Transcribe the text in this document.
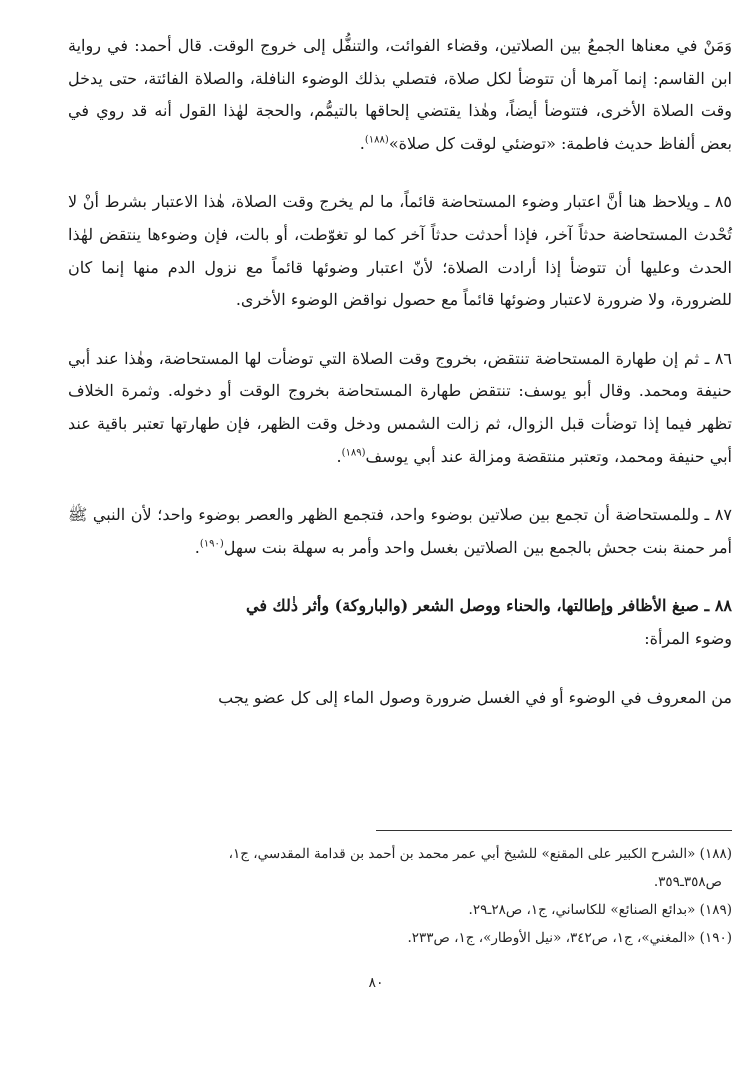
وَمَنْ في معناها الجمعُ بين الصلاتين، وقضاء الفوائت، والتنفُّل إلى خروج الوقت. قال أحمد: في رواية ابن القاسم: إنما آمرها أن تتوضأ لكل صلاة، فتصلي بذلك الوضوء النافلة، والصلاة الفائتة، حتى يدخل وقت الصلاة الأخرى، فتتوضأ أيضاً، وهٰذا يقتضي إلحاقها بالتيمُّم، والحجة لهٰذا القول أنه قد روي في بعض ألفاظ حديث فاطمة: «توضئي لوقت كل صلاة»$^{(١٨٨)}$.

٨٥ ـ ويلاحظ هنا أنَّ اعتبار وضوء المستحاضة قائماً، ما لم يخرج وقت الصلاة، هٰذا الاعتبار بشرط أنْ لا تُحْدث المستحاضة حدثاً آخر، فإذا أحدثت حدثاً آخر كما لو تغوّطت، أو بالت، فإن وضوءها ينتقض لهٰذا الحدث وعليها أن تتوضأ إذا أرادت الصلاة؛ لأنّ اعتبار وضوئها قائماً مع نزول الدم منها إنما كان للضرورة، ولا ضرورة لاعتبار وضوئها قائماً مع حصول نواقض الوضوء الأخرى.

٨٦ ـ ثم إن طهارة المستحاضة تنتقض، بخروج وقت الصلاة التي توضأت لها المستحاضة، وهٰذا عند أبي حنيفة ومحمد. وقال أبو يوسف: تنتقض طهارة المستحاضة بخروج الوقت أو دخوله. وثمرة الخلاف تظهر فيما إذا توضأت قبل الزوال، ثم زالت الشمس ودخل وقت الظهر، فإن طهارتها تعتبر باقية عند أبي حنيفة ومحمد، وتعتبر منتقضة ومزالة عند أبي يوسف$^{(١٨٩)}$.

٨٧ ـ وللمستحاضة أن تجمع بين صلاتين بوضوء واحد، فتجمع الظهر والعصر بوضوء واحد؛ لأن النبي ﷺ أمر حمنة بنت جحش بالجمع بين الصلاتين بغسل واحد وأمر به سهلة بنت سهل$^{(١٩٠)}$.

٨٨ ـ صبغ الأظافر وإطالتها، والحناء ووصل الشعر (والباروكة) وأثر ذٰلك في
وضوء المرأة:

من المعروف في الوضوء أو في الغسل ضرورة وصول الماء إلى كل عضو يجب

(١٨٨) «الشرح الكبير على المقنع» للشيخ أبي عمر محمد بن أحمد بن قدامة المقدسي، ج١،

ص٣٥٨ـ٣٥٩.

(١٨٩) «بدائع الصنائع» للكاساني، ج١، ص٢٨ـ٢٩.

(١٩٠) «المغني»، ج١، ص٣٤٢، «نيل الأوطار»، ج١، ص٢٣٣.

٨٠
